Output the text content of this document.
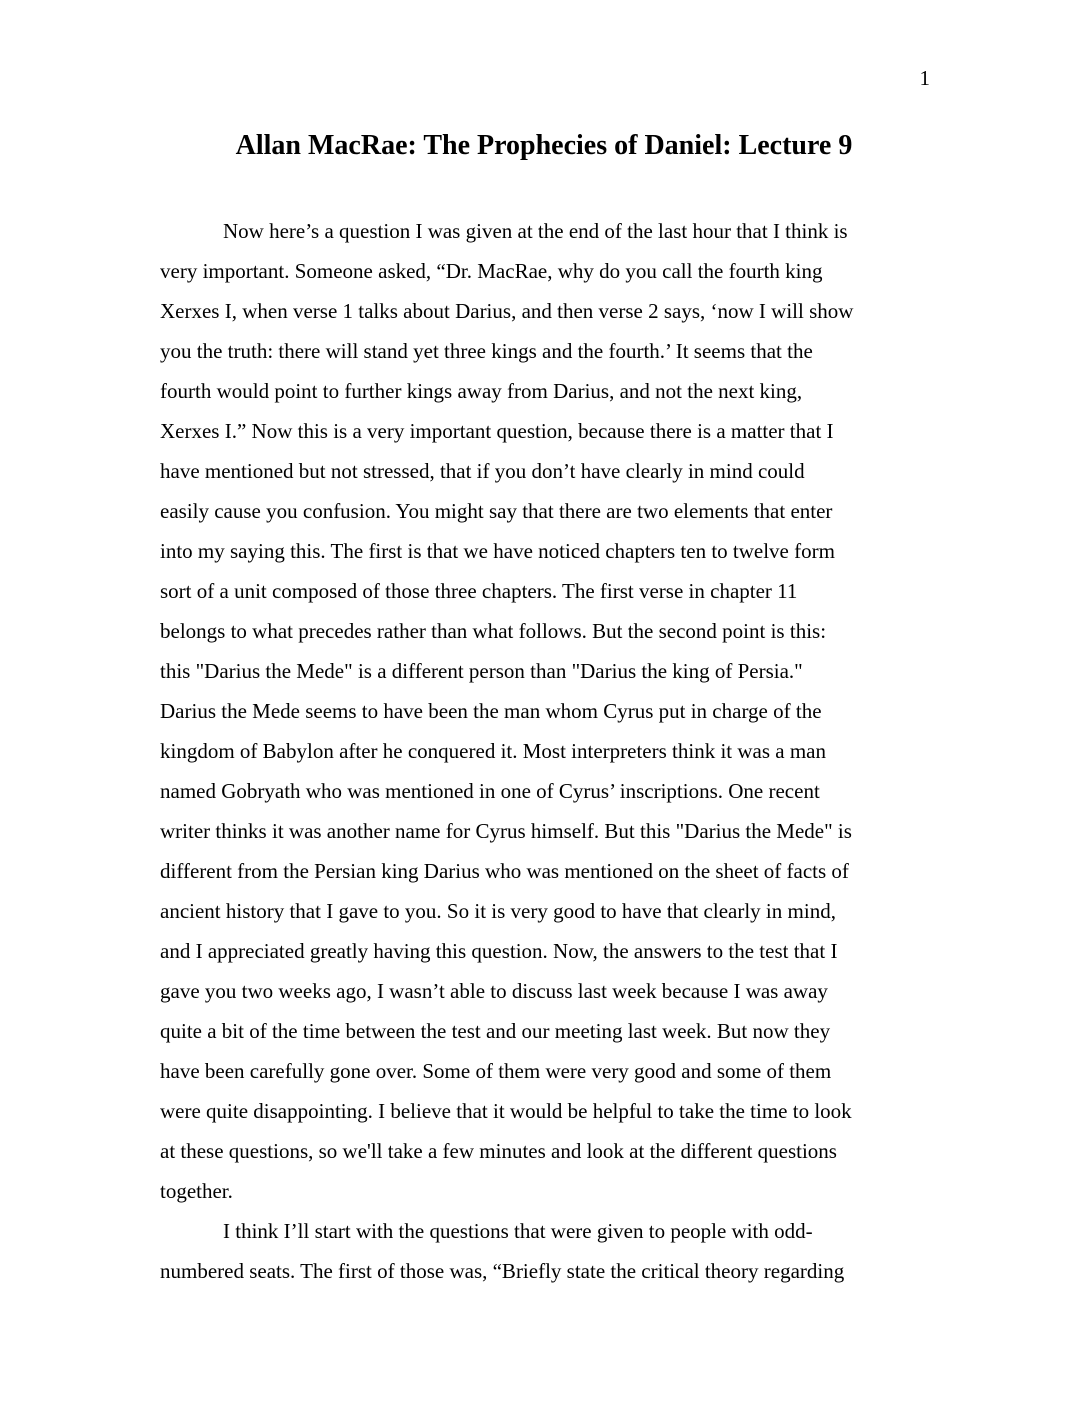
1
Allan MacRae: The Prophecies of Daniel: Lecture 9
Now here’s a question I was given at the end of the last hour that I think is
very important. Someone asked, “Dr. MacRae, why do you call the fourth king
Xerxes I, when verse 1 talks about Darius, and then verse 2 says, ‘now I will show
you the truth: there will stand yet three kings and the fourth.’ It seems that the
fourth would point to further kings away from Darius, and not the next king,
Xerxes I.” Now this is a very important question, because there is a matter that I
have mentioned but not stressed, that if you don’t have clearly in mind could
easily cause you confusion. You might say that there are two elements that enter
into my saying this. The first is that we have noticed chapters ten to twelve form
sort of a unit composed of those three chapters. The first verse in chapter 11
belongs to what precedes rather than what follows. But the second point is this:
this "Darius the Mede" is a different person than "Darius the king of Persia."
Darius the Mede seems to have been the man whom Cyrus put in charge of the
kingdom of Babylon after he conquered it. Most interpreters think it was a man
named Gobryath who was mentioned in one of Cyrus’ inscriptions. One recent
writer thinks it was another name for Cyrus himself. But this "Darius the Mede" is
different from the Persian king Darius who was mentioned on the sheet of facts of
ancient history that I gave to you. So it is very good to have that clearly in mind,
and I appreciated greatly having this question. Now, the answers to the test that I
gave you two weeks ago, I wasn’t able to discuss last week because I was away
quite a bit of the time between the test and our meeting last week. But now they
have been carefully gone over. Some of them were very good and some of them
were quite disappointing. I believe that it would be helpful to take the time to look
at these questions, so we'll take a few minutes and look at the different questions
together.
I think I’ll start with the questions that were given to people with odd-
numbered seats. The first of those was, “Briefly state the critical theory regarding
